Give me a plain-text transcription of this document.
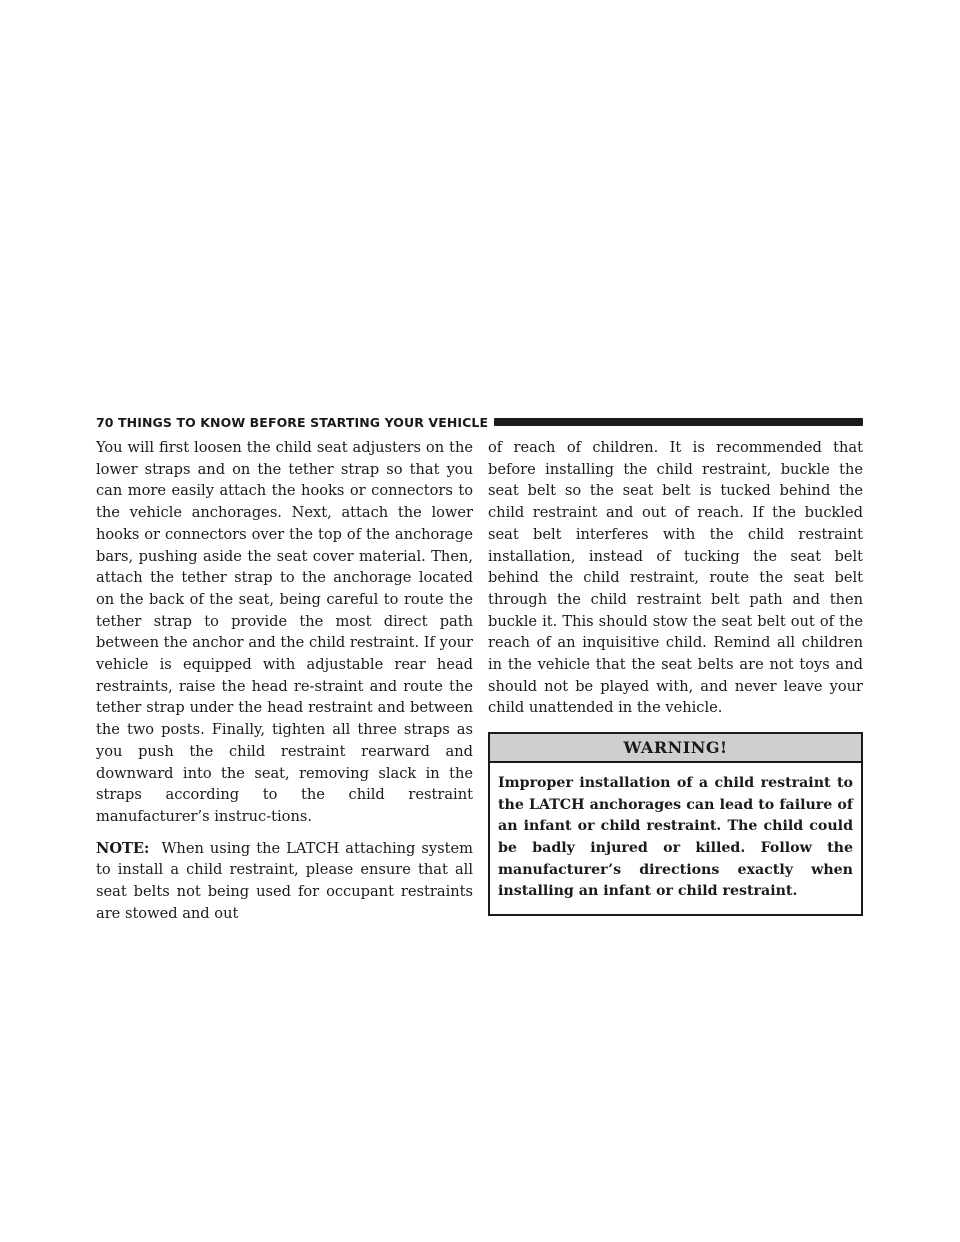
70 THINGS TO KNOW BEFORE STARTING YOUR VEHICLE

You will first loosen the child seat adjusters on the lower straps and on the tether strap so that you can more easily attach the hooks or connectors to the vehicle anchorages. Next, attach the lower hooks or connectors over the top of the anchorage bars, pushing aside the seat cover material. Then, attach the tether strap to the anchorage located on the back of the seat, being careful to route the tether strap to provide the most direct path between the anchor and the child restraint. If your vehicle is equipped with adjustable rear head restraints, raise the head re-straint and route the tether strap under the head restraint and between the two posts. Finally, tighten all three straps as you push the child restraint rearward and downward into the seat, removing slack in the straps according to the child restraint manufacturer’s instruc-tions.

NOTE: When using the LATCH attaching system to install a child restraint, please ensure that all seat belts not being used for occupant restraints are stowed and out

of reach of children. It is recommended that before installing the child restraint, buckle the seat belt so the seat belt is tucked behind the child restraint and out of reach. If the buckled seat belt interferes with the child restraint installation, instead of tucking the seat belt behind the child restraint, route the seat belt through the child restraint belt path and then buckle it. This should stow the seat belt out of the reach of an inquisitive child. Remind all children in the vehicle that the seat belts are not toys and should not be played with, and never leave your child unattended in the vehicle.

WARNING!
Improper installation of a child restraint to the LATCH anchorages can lead to failure of an infant or child restraint. The child could be badly injured or killed. Follow the manufacturer’s directions exactly when installing an infant or child restraint.
